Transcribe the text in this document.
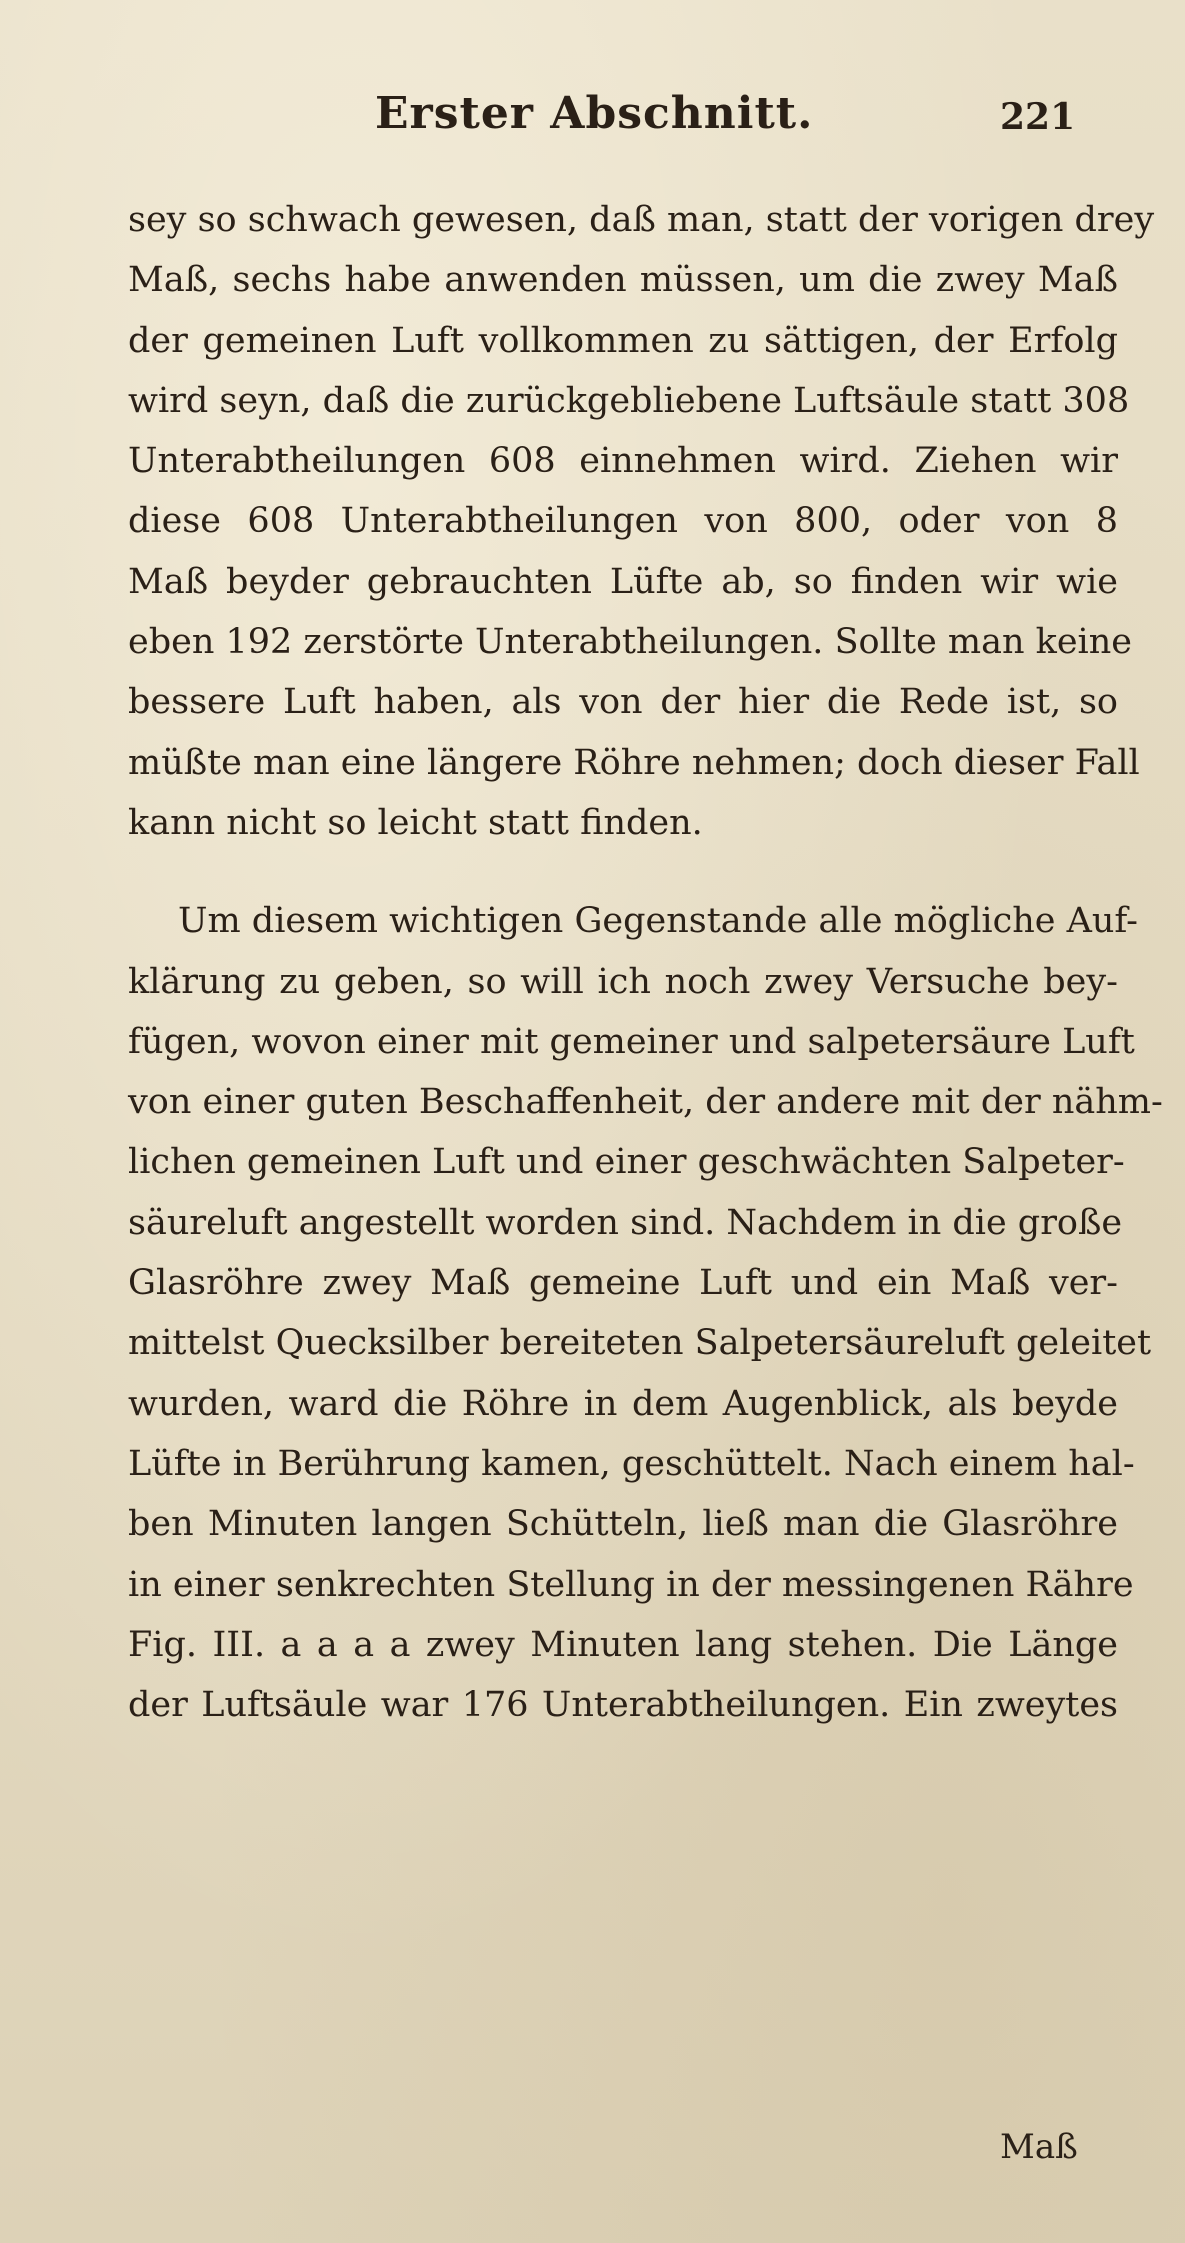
Erster Abschnitt.	221
sey so schwach gewesen, daß man, statt der vorigen drey
Maß, sechs habe anwenden müssen, um die zwey Maß
der gemeinen Luft vollkommen zu sättigen, der Erfolg
wird seyn, daß die zurückgebliebene Luftsäule statt 308
Unterabtheilungen 608 einnehmen wird. Ziehen wir
diese 608 Unterabtheilungen von 800, oder von 8
Maß beyder gebrauchten Lüfte ab, so finden wir wie
eben 192 zerstörte Unterabtheilungen. Sollte man keine
bessere Luft haben, als von der hier die Rede ist, so
müßte man eine längere Röhre nehmen; doch dieser Fall
kann nicht so leicht statt finden.
Um diesem wichtigen Gegenstande alle mögliche Auf-
klärung zu geben, so will ich noch zwey Versuche bey-
fügen, wovon einer mit gemeiner und salpetersäure Luft
von einer guten Beschaffenheit, der andere mit der nähm-
lichen gemeinen Luft und einer geschwächten Salpeter-
säureluft angestellt worden sind. Nachdem in die große
Glasröhre zwey Maß gemeine Luft und ein Maß ver-
mittelst Quecksilber bereiteten Salpetersäureluft geleitet
wurden, ward die Röhre in dem Augenblick, als beyde
Lüfte in Berührung kamen, geschüttelt. Nach einem hal-
ben Minuten langen Schütteln, ließ man die Glasröhre
in einer senkrechten Stellung in der messingenen Rähre
Fig. III. a a a a zwey Minuten lang stehen. Die Länge
der Luftsäule war 176 Unterabtheilungen. Ein zweytes
Maß
